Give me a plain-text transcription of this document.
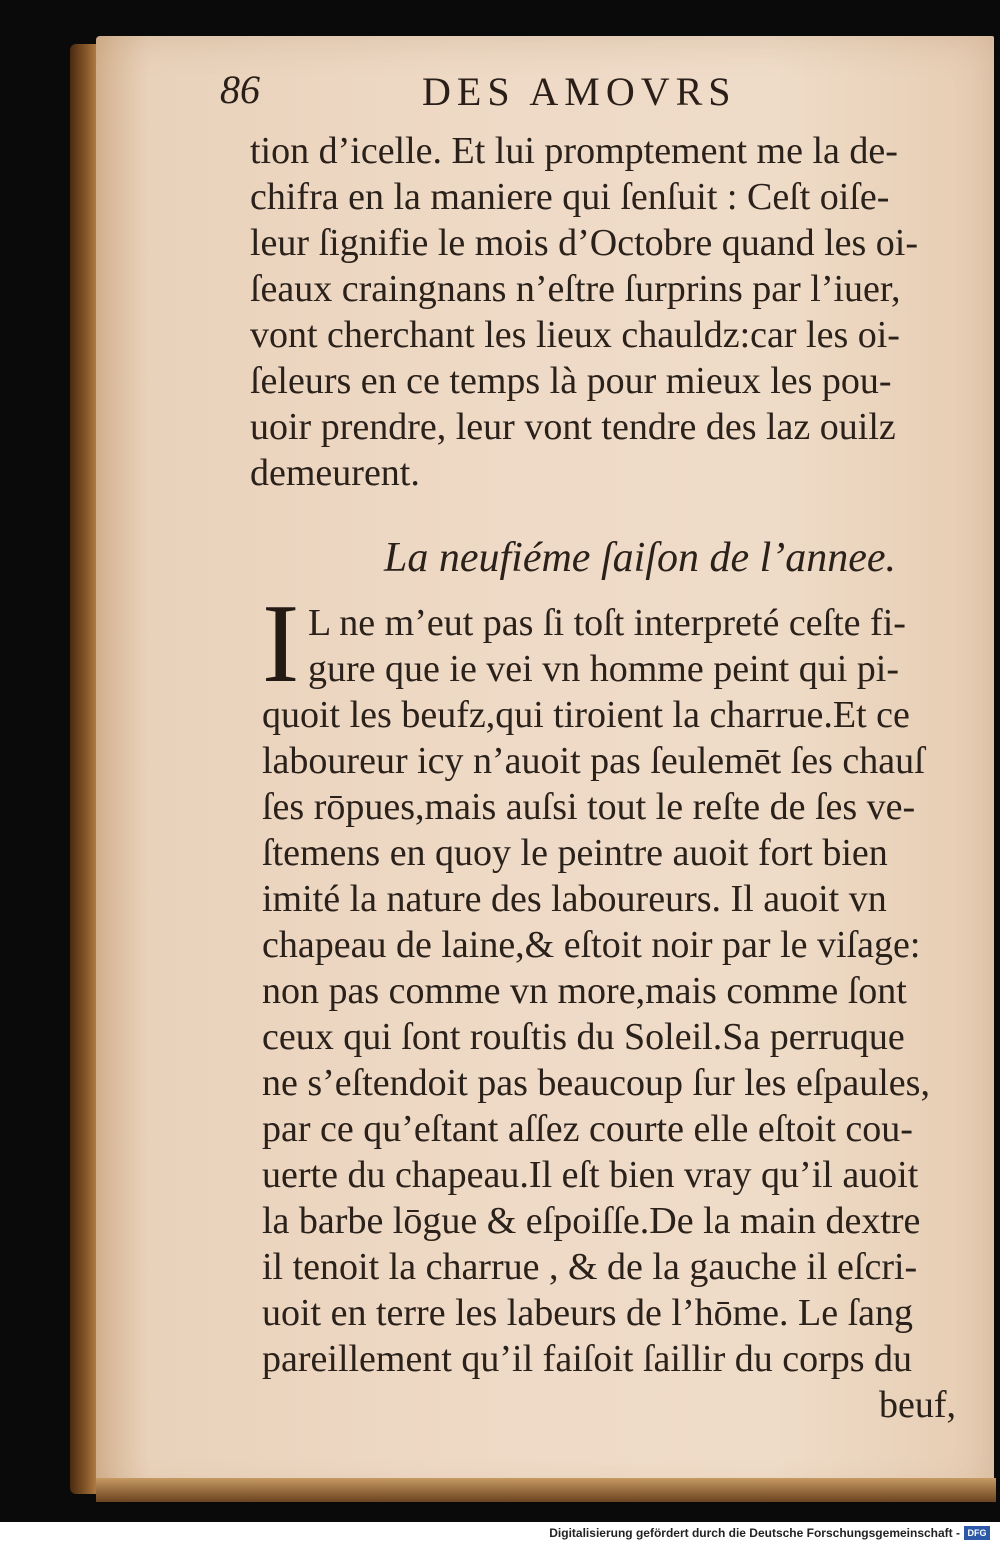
86	DES AMOVRS
tion d’icelle. Et lui promptement me la de-
chifra en la maniere qui ſenſuit : Ceſt oiſe-
leur ſignifie le mois d’Octobre quand les oi-
ſeaux craingnans n’eſtre ſurprins par l’iuer,
vont cherchant les lieux chauldz:car les oi-
ſeleurs en ce temps là pour mieux les pou-
uoir prendre, leur vont tendre des laz ouilz
demeurent.
La neufiéme ſaiſon de l’annee.
I L ne m’eut pas ſi toſt interpreté ceſte fi-
gure que ie vei vn homme peint qui pi-
quoit les beufz,qui tiroient la charrue.Et ce
laboureur icy n’auoit pas ſeulemēt ſes chauſ
ſes rōpues,mais auſsi tout le reſte de ſes ve-
ſtemens en quoy le peintre auoit fort bien
imité la nature des laboureurs. Il auoit vn
chapeau de laine,& eſtoit noir par le viſage:
non pas comme vn more,mais comme ſont
ceux qui ſont rouſtis du Soleil.Sa perruque
ne s’eſtendoit pas beaucoup ſur les eſpaules,
par ce qu’eſtant aſſez courte elle eſtoit cou-
uerte du chapeau.Il eſt bien vray qu’il auoit
la barbe lōgue & eſpoiſſe.De la main dextre
il tenoit la charrue , & de la gauche il eſcri-
uoit en terre les labeurs de l’hōme. Le ſang
pareillement qu’il faiſoit ſaillir du corps du
beuf,
Digitalisierung gefördert durch die Deutsche Forschungsgemeinschaft - DFG
